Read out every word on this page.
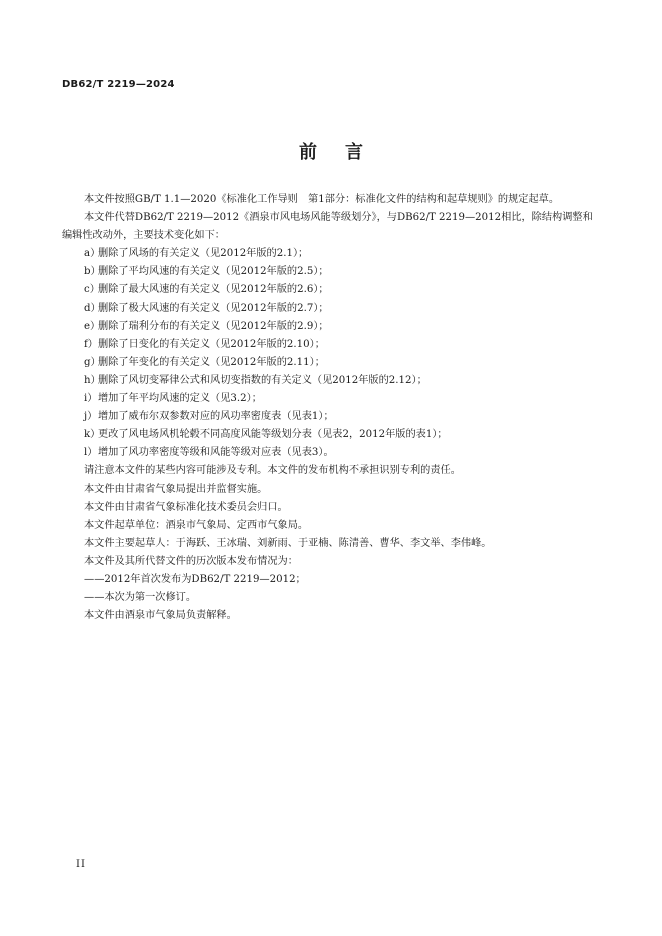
DB62/T 2219—2024
前言

本文件按照GB/T 1.1—2020《标准化工作导则　第1部分：标准化文件的结构和起草规则》的规定起草。

本文件代替DB62/T 2219—2012《酒泉市风电场风能等级划分》，与DB62/T 2219—2012相比，除结构调整和编辑性改动外，主要技术变化如下：

a）删除了风场的有关定义（见2012年版的2.1）；

b）删除了平均风速的有关定义（见2012年版的2.5）；

c）删除了最大风速的有关定义（见2012年版的2.6）；

d）删除了极大风速的有关定义（见2012年版的2.7）；

e）删除了瑞利分布的有关定义（见2012年版的2.9）；

f）删除了日变化的有关定义（见2012年版的2.10）；

g）删除了年变化的有关定义（见2012年版的2.11）；

h）删除了风切变幂律公式和风切变指数的有关定义（见2012年版的2.12）；

i）增加了年平均风速的定义（见3.2）；

j）增加了威布尔双参数对应的风功率密度表（见表1）；

k）更改了风电场风机轮毂不同高度风能等级划分表（见表2，2012年版的表1）；

l）增加了风功率密度等级和风能等级对应表（见表3）。

请注意本文件的某些内容可能涉及专利。本文件的发布机构不承担识别专利的责任。

本文件由甘肃省气象局提出并监督实施。

本文件由甘肃省气象标准化技术委员会归口。

本文件起草单位：酒泉市气象局、定西市气象局。

本文件主要起草人：于海跃、王冰瑞、刘新雨、于亚楠、陈清善、曹华、李文举、李伟峰。

本文件及其所代替文件的历次版本发布情况为：

——2012年首次发布为DB62/T 2219—2012；

——本次为第一次修订。

本文件由酒泉市气象局负责解释。

II
